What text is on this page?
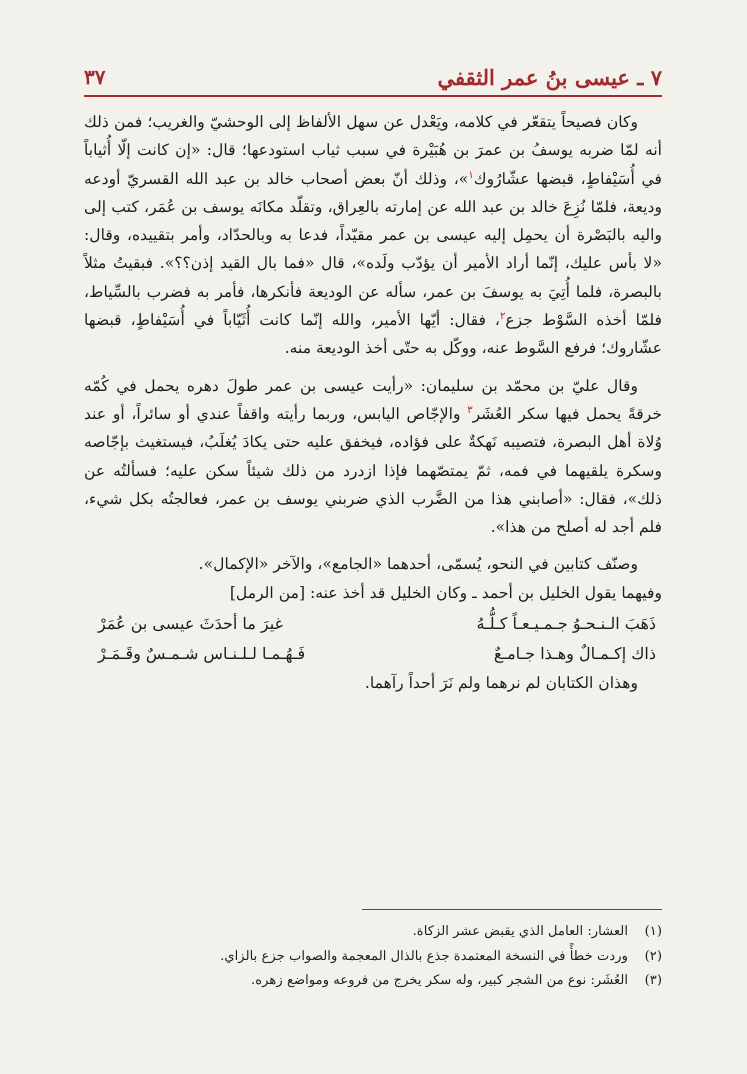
٧ ـ عيسى بنُ عمر الثقفي
٣٧

وكان فصيحاً يتقعّر في كلامه، ويَعْدل عن سهل الألفاظ إلى الوحشيّ والغريب؛ فمن ذلك أنه لمّا ضربه يوسفُ بن عمرَ بن هُبَيْرة في سبب ثياب استودعها؛ قال: «إن كانت إلّا أُثياباً في أُسَيْفاطٍ، قبضها عشّارُوك$^١$»، وذلك أنّ بعض أصحاب خالد بن عبد الله القسريّ أودعه وديعة، فلمّا نُزِعَ خالد بن عبد الله عن إمارته بالعِراق، وتقلّد مكانَه يوسف بن عُمَر، كتب إلى واليه بالبَصْرة أن يحمِل إليه عيسى بن عمر مقيّداً، فدعا به وبالحدّاد، وأمر بتقييده، وقال: «لا بأس عليك، إنّما أراد الأمير أن يؤدّب ولَده»، قال «فما بال القيد إذن؟؟». فبقيتُ مثلاً بالبصرة، فلما أُتِيَ به يوسفَ بن عمر، سأله عن الوديعة فأنكرها، فأمر به فضرب بالسِّياط، فلمّا أخذه السَّوْط جزع$^٢$، فقال: أيّها الأمير، والله إنّما كانت أُثَيّاباً في أُسَيْفاطٍ، قبضها عشّاروك؛ فرفع السَّوط عنه، ووكّل به حتّى أخذ الوديعة منه.

وقال عليّ بن محمّد بن سليمان: «رأيت عيسى بن عمر طولَ دهره يحمل في كُمّه خرقةً يحمل فيها سكر العُشَر$^٣$ والإجّاص اليابس، وربما رأيته واقفاً عندي أو سائراً، أو عند وُلاة أهل البصرة، فتصيبه نَهكةٌ على فؤاده، فيخفق عليه حتى يكادَ يُغلَبُ، فيستغيث بإجّاصه وسكرة يلقيهما في فمه، ثمّ يمتصّهما فإذا ازدرد من ذلك شيئاً سكن عليه؛ فسألتُه عن ذلك»، فقال: «أصابني هذا من الضَّرب الذي ضربني يوسف بن عمر، فعالجتُه بكل شيء، فلم أجد له أصلح من هذا».

وصنّف كتابين في النحو، يُسمّى، أحدهما «الجامع»، والآخر «الإكمال».

وفيهما يقول الخليل بن أحمد ـ وكان الخليل قد أخذ عنه: [من الرمل]

ذَهَبَ الـنـحـوُ جـمـيـعـاً كـلُّـهُ
غيرَ ما أحدَثَ عيسى بن عُمَرْ
ذاك إكـمـالٌ وهـذا جـامـعٌ
فَـهُـمـا لـلـنـاس شـمـسٌ وقَـمَـرْ

وهذان الكتابان لم نرهما ولم نَرَ أحداً رآهما.

(١)
العشار: العامل الذي يقبض عشر الزكاة.
(٢)
وردت خطأً في النسخة المعتمدة جذع بالذال المعجمة والصواب جزع بالزاي.
(٣)
العُشَر: نوع من الشجر كبير، وله سكر يخرج من فروعه ومواضع زهره.
